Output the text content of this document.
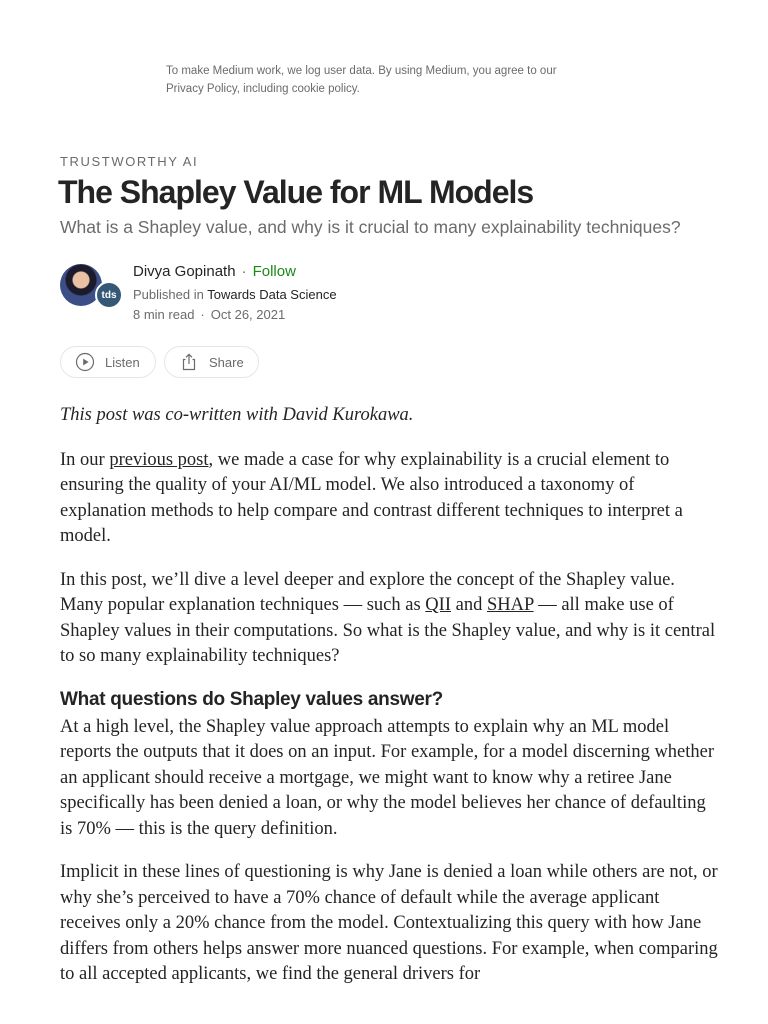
To make Medium work, we log user data. By using Medium, you agree to our Privacy Policy, including cookie policy.
TRUSTWORTHY AI
The Shapley Value for ML Models
What is a Shapley value, and why is it crucial to many explainability techniques?
tds
Divya Gopinath · Follow
Published in Towards Data Science
8 min read · Oct 26, 2021
Listen	Share

This post was co-written with David Kurokawa.

In our previous post, we made a case for why explainability is a crucial element to ensuring the quality of your AI/ML model. We also introduced a taxonomy of explanation methods to help compare and contrast different techniques to interpret a model.

In this post, we’ll dive a level deeper and explore the concept of the Shapley value. Many popular explanation techniques — such as QII and SHAP — all make use of Shapley values in their computations. So what is the Shapley value, and why is it central to so many explainability techniques?

What questions do Shapley values answer?

At a high level, the Shapley value approach attempts to explain why an ML model reports the outputs that it does on an input. For example, for a model discerning whether an applicant should receive a mortgage, we might want to know why a retiree Jane specifically has been denied a loan, or why the model believes her chance of defaulting is 70% — this is the query definition.

Implicit in these lines of questioning is why Jane is denied a loan while others are not, or why she’s perceived to have a 70% chance of default while the average applicant receives only a 20% chance from the model. Contextualizing this query with how Jane differs from others helps answer more nuanced questions. For example, when comparing to all accepted applicants, we find the general drivers for
